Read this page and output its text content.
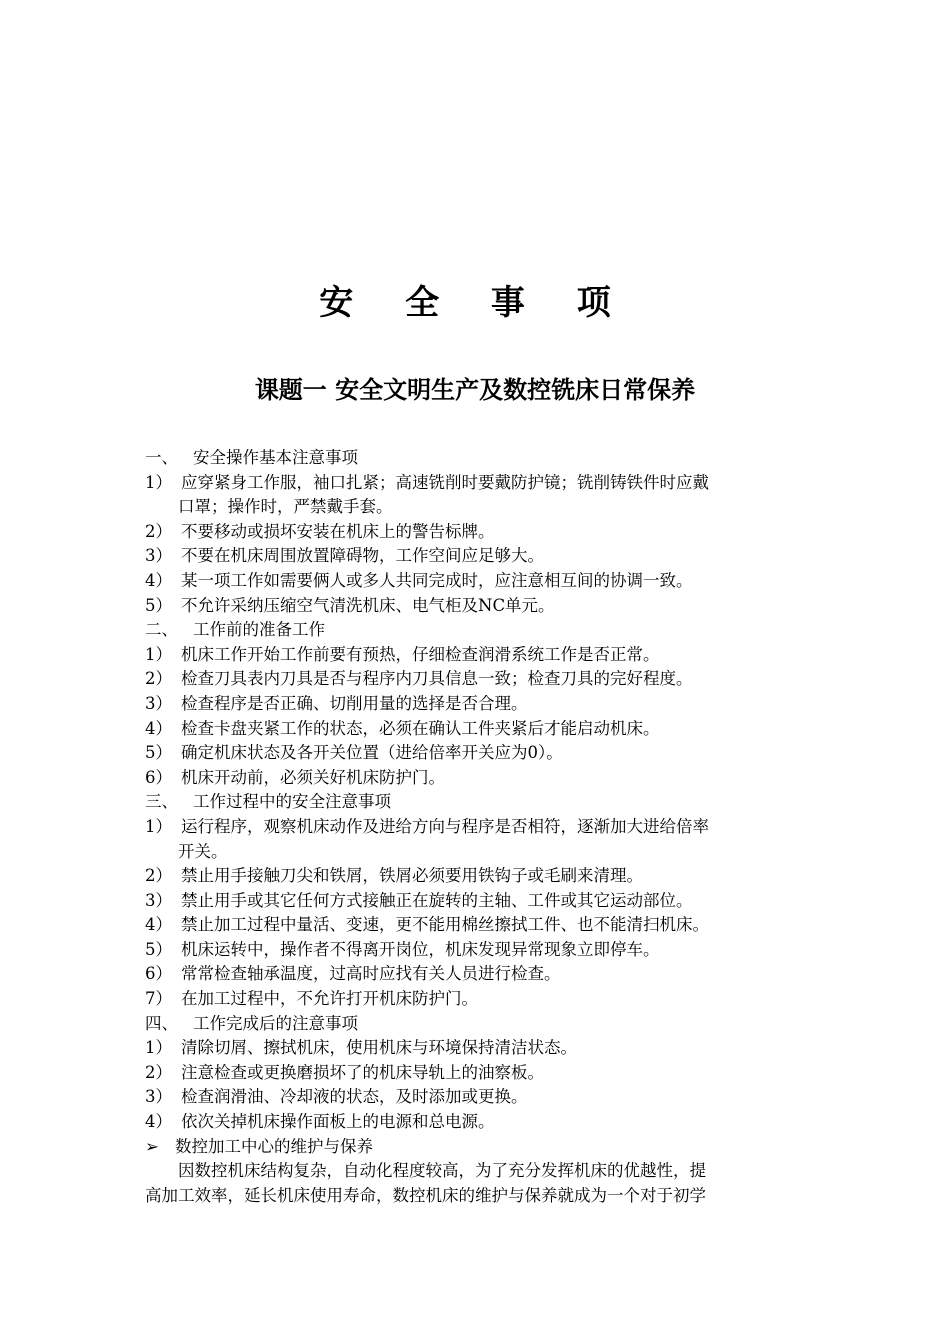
安 全 事 项
课题一 安全文明生产及数控铣床日常保养
一、 安全操作基本注意事项
1） 应穿紧身工作服，袖口扎紧；高速铣削时要戴防护镜；铣削铸铁件时应戴
口罩；操作时，严禁戴手套。
2） 不要移动或损坏安装在机床上的警告标牌。
3） 不要在机床周围放置障碍物，工作空间应足够大。
4） 某一项工作如需要俩人或多人共同完成时，应注意相互间的协调一致。
5） 不允许采纳压缩空气清洗机床、电气柜及NC单元。
二、 工作前的准备工作
1） 机床工作开始工作前要有预热，仔细检查润滑系统工作是否正常。
2） 检查刀具表内刀具是否与程序内刀具信息一致；检查刀具的完好程度。
3） 检查程序是否正确、切削用量的选择是否合理。
4） 检查卡盘夹紧工作的状态，必须在确认工件夹紧后才能启动机床。
5） 确定机床状态及各开关位置（进给倍率开关应为0）。
6） 机床开动前，必须关好机床防护门。
三、 工作过程中的安全注意事项
1） 运行程序，观察机床动作及进给方向与程序是否相符，逐渐加大进给倍率
开关。
2） 禁止用手接触刀尖和铁屑，铁屑必须要用铁钩子或毛刷来清理。
3） 禁止用手或其它任何方式接触正在旋转的主轴、工件或其它运动部位。
4） 禁止加工过程中量活、变速，更不能用棉丝擦拭工件、也不能清扫机床。
5） 机床运转中，操作者不得离开岗位，机床发现异常现象立即停车。
6） 常常检查轴承温度，过高时应找有关人员进行检查。
7） 在加工过程中，不允许打开机床防护门。
四、 工作完成后的注意事项
1） 清除切屑、擦拭机床，使用机床与环境保持清洁状态。
2） 注意检查或更换磨损坏了的机床导轨上的油察板。
3） 检查润滑油、冷却液的状态，及时添加或更换。
4） 依次关掉机床操作面板上的电源和总电源。
➢ 数控加工中心的维护与保养
因数控机床结构复杂，自动化程度较高，为了充分发挥机床的优越性，提
高加工效率，延长机床使用寿命，数控机床的维护与保养就成为一个对于初学
